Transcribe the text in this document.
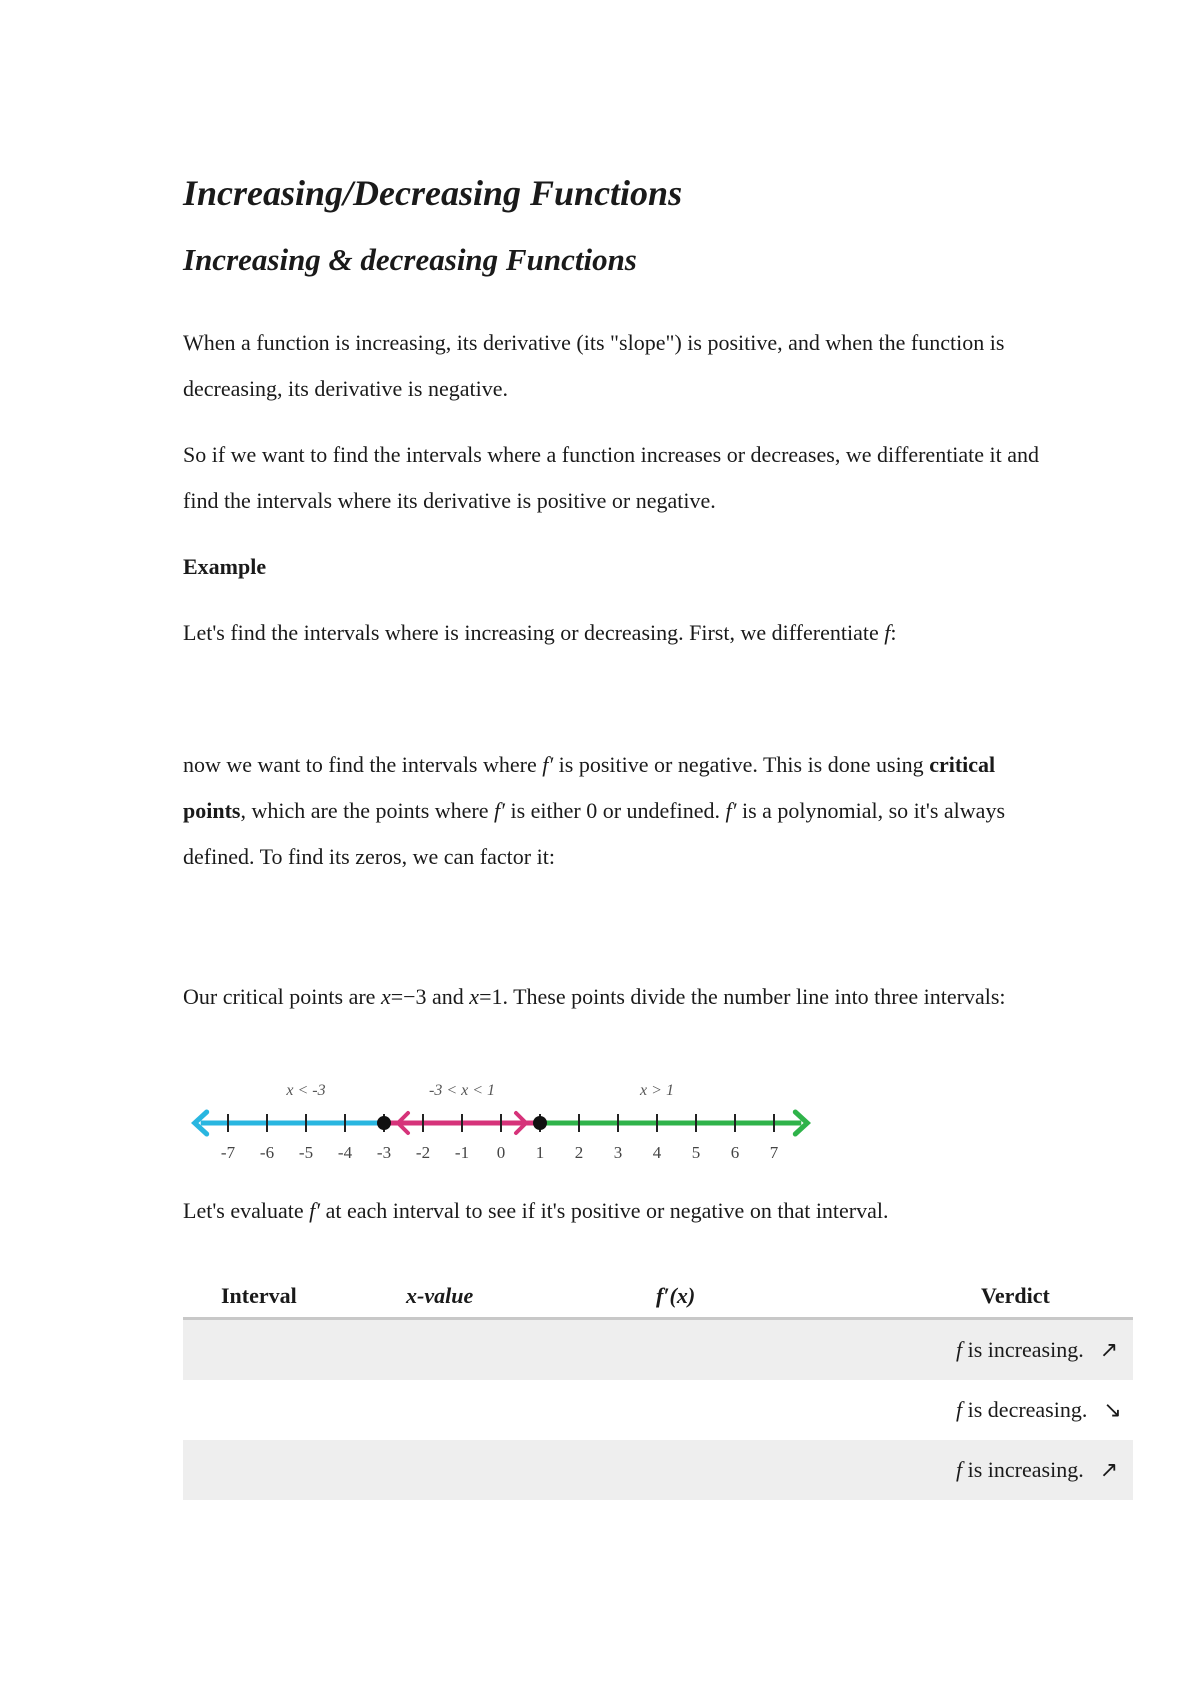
Increasing/Decreasing Functions
Increasing & decreasing Functions

When a function is increasing, its derivative (its "slope") is positive, and when the function is decreasing, its derivative is negative.

So if we want to find the intervals where a function increases or decreases, we differentiate it and find the intervals where its derivative is positive or negative.

Example

Let's find the intervals where is increasing or decreasing. First, we differentiate f:

now we want to find the intervals where f′ is positive or negative. This is done using critical points, which are the points where f′ is either 0 or undefined. f′ is a polynomial, so it's always defined. To find its zeros, we can factor it:

Our critical points are x=−3 and x=1. These points divide the number line into three intervals:

x < -3	-3 < x < 1	x > 1
-7 -6 -5 -4 -3 -2 -1 0 1 2 3 4 5 6 7

Let's evaluate f′ at each interval to see if it's positive or negative on that interval.

Interval	x-value	f′(x)	Verdict
			f is increasing. ↗
			f is decreasing. ↘
			f is increasing. ↗
